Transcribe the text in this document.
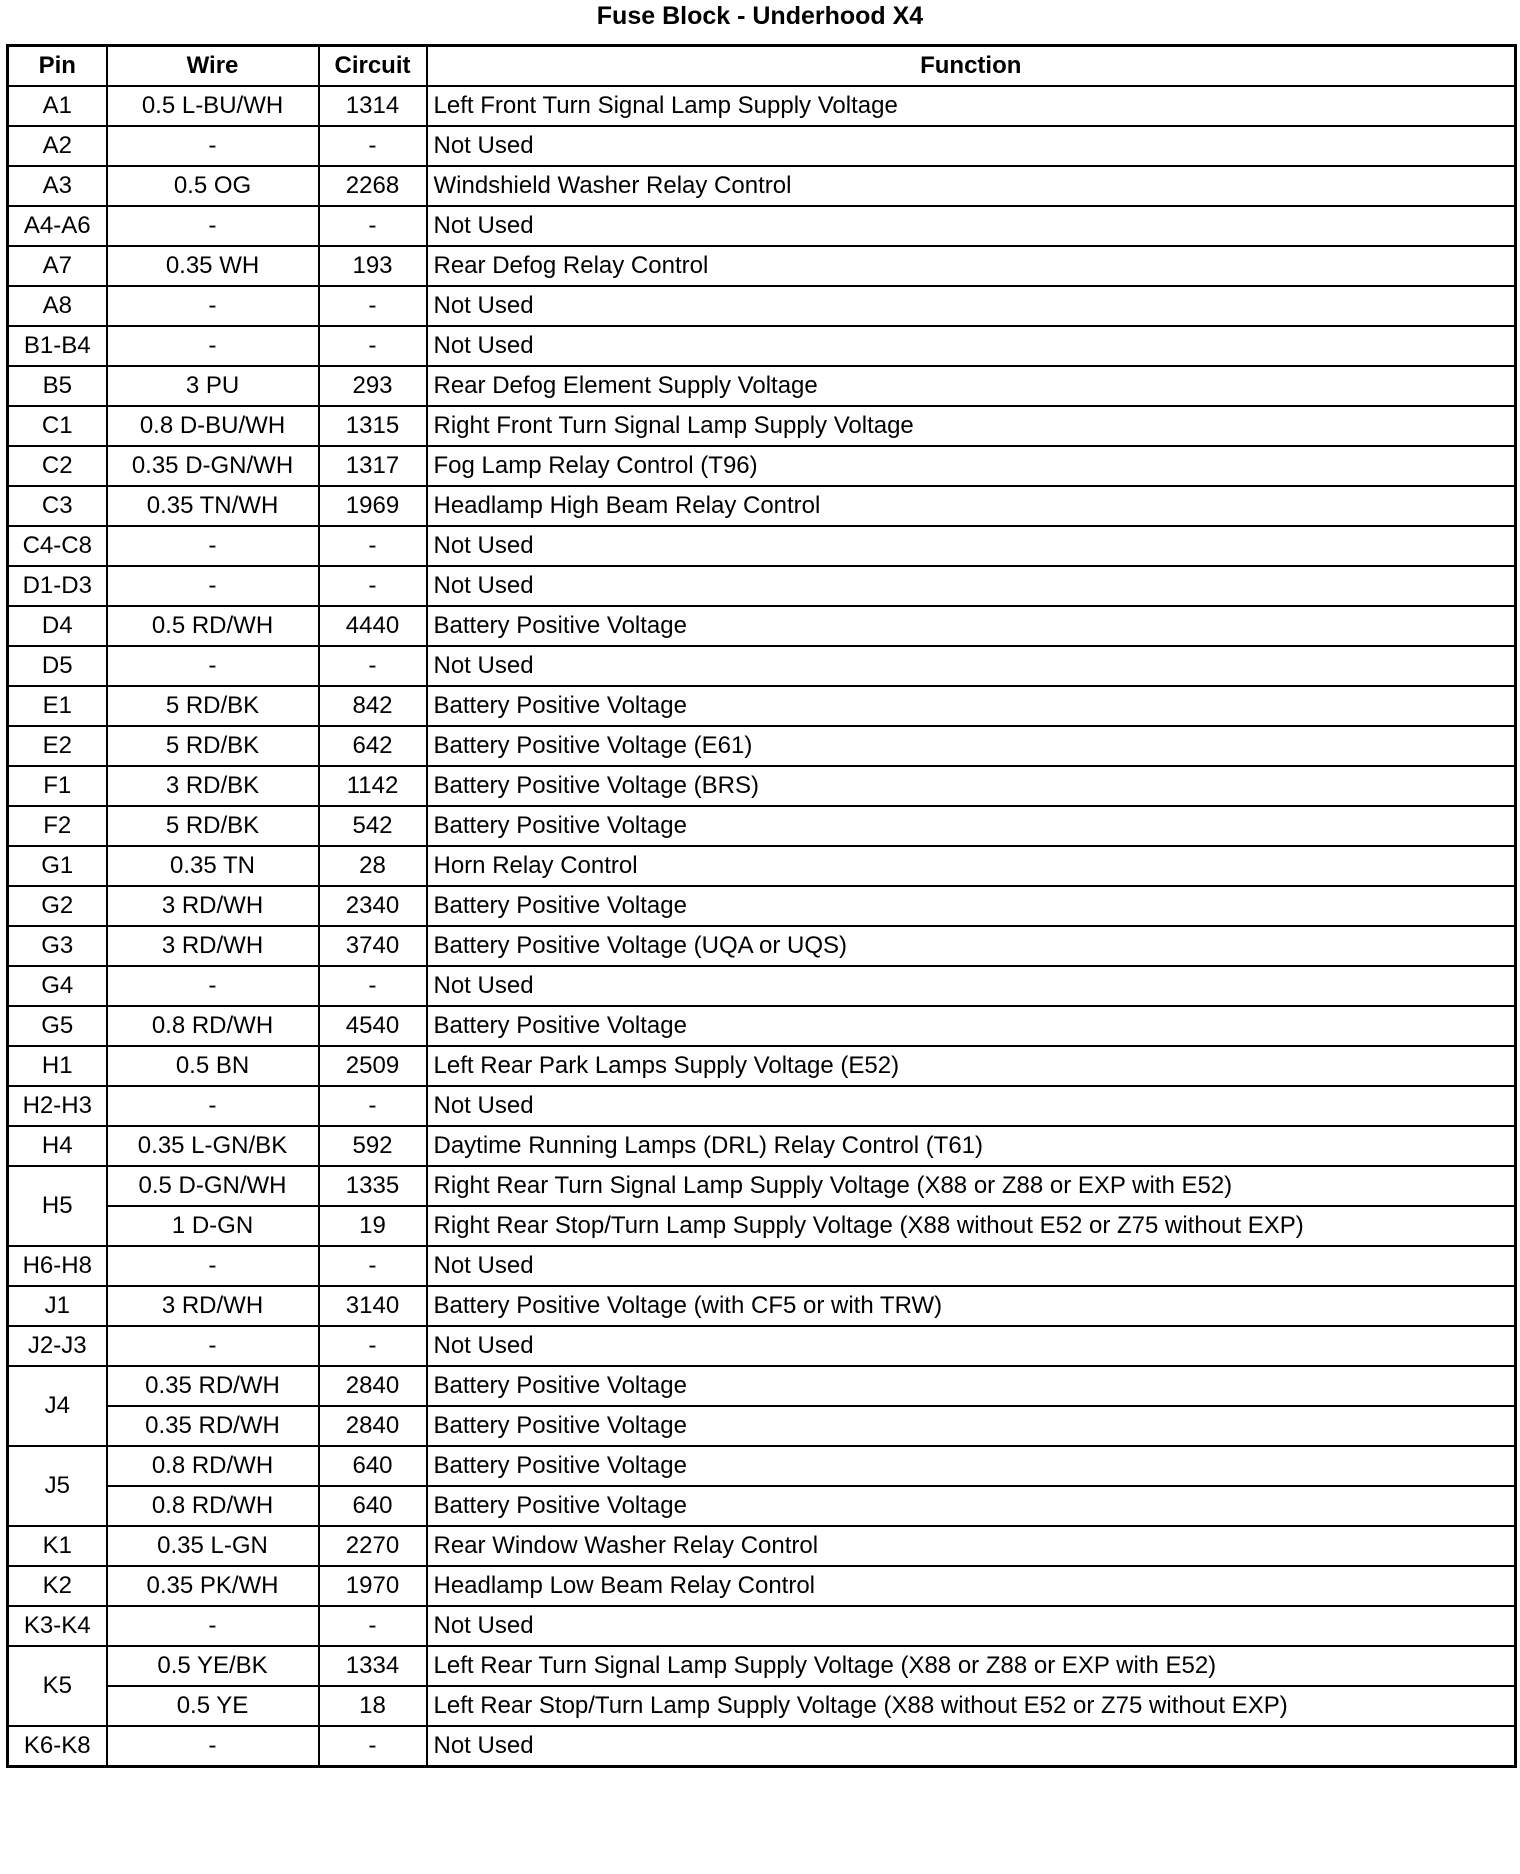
Fuse Block - Underhood X4
Pin	Wire	Circuit	Function
A1	0.5 L-BU/WH	1314	Left Front Turn Signal Lamp Supply Voltage
A2	-	-	Not Used
A3	0.5 OG	2268	Windshield Washer Relay Control
A4-A6	-	-	Not Used
A7	0.35 WH	193	Rear Defog Relay Control
A8	-	-	Not Used
B1-B4	-	-	Not Used
B5	3 PU	293	Rear Defog Element Supply Voltage
C1	0.8 D-BU/WH	1315	Right Front Turn Signal Lamp Supply Voltage
C2	0.35 D-GN/WH	1317	Fog Lamp Relay Control (T96)
C3	0.35 TN/WH	1969	Headlamp High Beam Relay Control
C4-C8	-	-	Not Used
D1-D3	-	-	Not Used
D4	0.5 RD/WH	4440	Battery Positive Voltage
D5	-	-	Not Used
E1	5 RD/BK	842	Battery Positive Voltage
E2	5 RD/BK	642	Battery Positive Voltage (E61)
F1	3 RD/BK	1142	Battery Positive Voltage (BRS)
F2	5 RD/BK	542	Battery Positive Voltage
G1	0.35 TN	28	Horn Relay Control
G2	3 RD/WH	2340	Battery Positive Voltage
G3	3 RD/WH	3740	Battery Positive Voltage (UQA or UQS)
G4	-	-	Not Used
G5	0.8 RD/WH	4540	Battery Positive Voltage
H1	0.5 BN	2509	Left Rear Park Lamps Supply Voltage (E52)
H2-H3	-	-	Not Used
H4	0.35 L-GN/BK	592	Daytime Running Lamps (DRL) Relay Control (T61)
H5	0.5 D-GN/WH	1335	Right Rear Turn Signal Lamp Supply Voltage (X88 or Z88 or EXP with E52)
	1 D-GN	19	Right Rear Stop/Turn Lamp Supply Voltage (X88 without E52 or Z75 without EXP)
H6-H8	-	-	Not Used
J1	3 RD/WH	3140	Battery Positive Voltage (with CF5 or with TRW)
J2-J3	-	-	Not Used
J4	0.35 RD/WH	2840	Battery Positive Voltage
	0.35 RD/WH	2840	Battery Positive Voltage
J5	0.8 RD/WH	640	Battery Positive Voltage
	0.8 RD/WH	640	Battery Positive Voltage
K1	0.35 L-GN	2270	Rear Window Washer Relay Control
K2	0.35 PK/WH	1970	Headlamp Low Beam Relay Control
K3-K4	-	-	Not Used
K5	0.5 YE/BK	1334	Left Rear Turn Signal Lamp Supply Voltage (X88 or Z88 or EXP with E52)
	0.5 YE	18	Left Rear Stop/Turn Lamp Supply Voltage (X88 without E52 or Z75 without EXP)
K6-K8	-	-	Not Used
